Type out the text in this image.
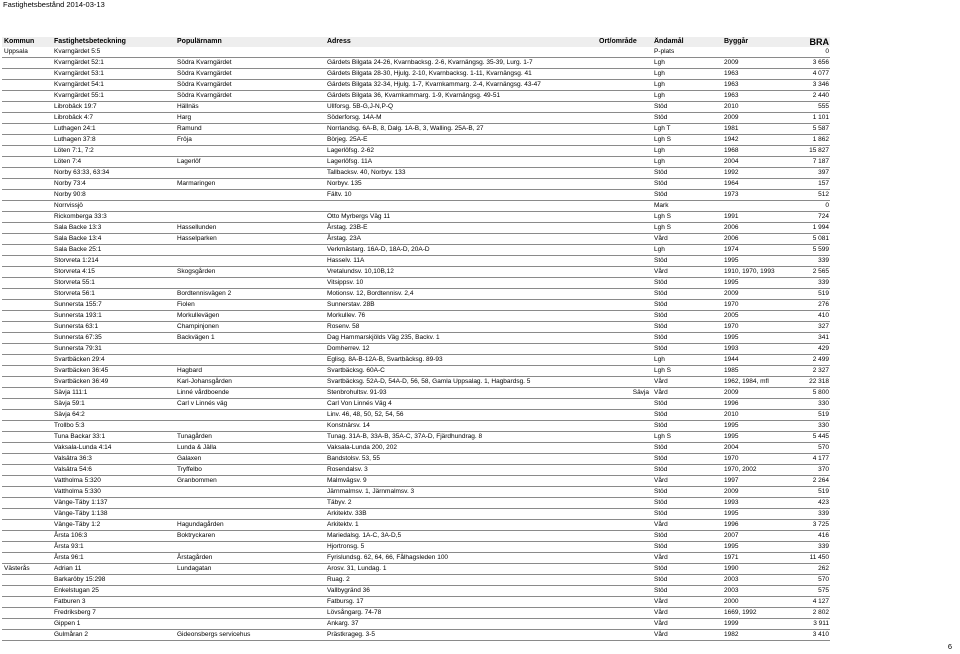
Fastighetsbestånd 2014-03-13
Kommun	Fastighetsbeteckning	Populärnamn	Adress	Ort/område	Ändamål	Byggår	BRA
Uppsala	Kvarngärdet 5:5				P-plats		0
	Kvarngärdet 52:1	Södra Kvarngärdet	Gärdets Bilgata 24-26, Kvarnbacksg. 2-6, Kvarnängsg. 35-39, Lurg. 1-7		Lgh	2009	3 656
	Kvarngärdet 53:1	Södra Kvarngärdet	Gärdets Bilgata 28-30, Hjulg. 2-10, Kvarnbacksg. 1-11, Kvarnängsg. 41		Lgh	1963	4 077
	Kvarngärdet 54:1	Södra Kvarngärdet	Gärdets Bilgata 32-34, Hjulg. 1-7, Kvarnkammarg. 2-4, Kvarnängsg. 43-47		Lgh	1963	3 346
	Kvarngärdet 55:1	Södra Kvarngärdet	Gärdets Bilgata 36, Kvarnkammarg. 1-9, Kvarnängsg. 49-51		Lgh	1963	2 440
	Librobäck 19:7	Hällnäs	Ullforsg. 5B-G,J-N,P-Q		Stöd	2010	555
	Librobäck 4:7	Harg	Söderforsg. 14A-M		Stöd	2009	1 101
	Luthagen 24:1	Ramund	Norrlandsg. 6A-B, 8, Dalg. 1A-B, 3, Walling. 25A-B, 27		Lgh T	1981	5 587
	Luthagen 37:8	Fröja	Börjeg. 25A-E		Lgh S	1942	1 862
	Löten 7:1, 7:2		Lagerlöfsg. 2-62		Lgh	1968	15 827
	Löten 7:4	Lagerlöf	Lagerlöfsg. 11A		Lgh	2004	7 187
	Norby 63:33, 63:34		Tallbacksv. 40, Norbyv. 133		Stöd	1992	397
	Norby 73:4	Marmaringen	Norbyv. 135		Stöd	1964	157
	Norby 90:8		Fältv. 10		Stöd	1973	512
	Norrvissjö				Mark		0
	Rickomberga 33:3		Otto Myrbergs Väg 11		Lgh S	1991	724
	Sala Backe 13:3	Hassellunden	Årstag. 23B-E		Lgh S	2006	1 994
	Sala Backe 13:4	Hasselparken	Årstag. 23A		Vård	2006	5 081
	Sala Backe 25:1		Verkmästarg. 16A-D, 18A-D, 20A-D		Lgh	1974	5 599
	Storvreta 1:214		Hasselv. 11A		Stöd	1995	339
	Storvreta 4:15	Skogsgården	Vretalundsv. 10,10B,12		Vård	1910, 1970, 1993	2 565
	Storvreta 55:1		Vitsippsv. 10		Stöd	1995	339
	Storvreta 56:1	Bordtennisvägen 2	Motionsv. 12, Bordtennisv. 2,4		Stöd	2009	519
	Sunnersta 155:7	Fiolen	Sunnerstav. 28B		Stöd	1970	276
	Sunnersta 193:1	Morkullevägen	Morkullev. 76		Stöd	2005	410
	Sunnersta 63:1	Champinjonen	Rosenv. 58		Stöd	1970	327
	Sunnersta 67:35	Backvägen 1	Dag Hammarskjölds Väg 235, Backv. 1		Stöd	1995	341
	Sunnersta 79:31		Domherrev. 12		Stöd	1993	429
	Svartbäcken 29:4		Eglisg. 8A-B-12A-B, Svartbäcksg. 89-93		Lgh	1944	2 499
	Svartbäcken 36:45	Hagbard	Svartbäcksg. 60A-C		Lgh S	1985	2 327
	Svartbäcken 36:49	Karl-Johansgården	Svartbäcksg. 52A-D, 54A-D, 56, 58, Gamla Uppsalag. 1, Hagbardsg. 5		Vård	1962, 1984, mfl	22 318
	Sävja 111:1	Linné vårdboende	Stenbrohultsv. 91-93	Sävja	Vård	2009	5 800
	Sävja 59:1	Carl v Linnés väg	Carl Von Linnés Väg 4		Stöd	1996	330
	Sävja 64:2		Linv. 46, 48, 50, 52, 54, 56		Stöd	2010	519
	Trollbo 5:3		Konstnärsv. 14		Stöd	1995	330
	Tuna Backar 33:1	Tunagården	Tunag. 31A-B, 33A-B, 35A-C, 37A-D, Fjärdhundrag. 8		Lgh S	1995	5 445
	Vaksala-Lunda 4:14	Lunda & Jälla	Vaksala-Lunda 200, 202		Stöd	2004	570
	Valsätra 36:3	Galaxen	Bandstolsv. 53, 55		Stöd	1970	4 177
	Valsätra 54:6	Tryffelbo	Rosendalsv. 3		Stöd	1970, 2002	370
	Vattholma 5:320	Granbommen	Malmvägsv. 9		Vård	1997	2 264
	Vattholma 5:330		Järnmalmsv. 1, Järnmalmsv. 3		Stöd	2009	519
	Vänge-Täby 1:137		Täbyv. 2		Stöd	1993	423
	Vänge-Täby 1:138		Arkitektv. 33B		Stöd	1995	339
	Vänge-Täby 1:2	Hagundagården	Arkitektv. 1		Vård	1996	3 725
	Årsta 106:3	Boktryckaren	Mariedalsg. 1A-C, 3A-D,5		Stöd	2007	416
	Årsta 93:1		Hjortronsg. 5		Stöd	1995	339
	Årsta 96:1	Årstagården	Fyrislundsg. 62, 64, 66, Fålhagsleden 100		Vård	1971	11 450
Västerås	Adrian 11	Lundagatan	Arosv. 31, Lundag. 1		Stöd	1990	262
	Barkaröby 15:298		Ruag. 2		Stöd	2003	570
	Enkelstugan 25		Vallbygränd 36		Stöd	2003	575
	Fatburen 3		Fatbursg. 17		Vård	2000	4 127
	Fredriksberg 7		Lövsångarg. 74-78		Vård	1669, 1992	2 802
	Gippen 1		Ankarg. 37		Vård	1999	3 911
	Gulmåran 2	Gideonsbergs servicehus	Prästkrageg. 3-5		Vård	1982	3 410
6
